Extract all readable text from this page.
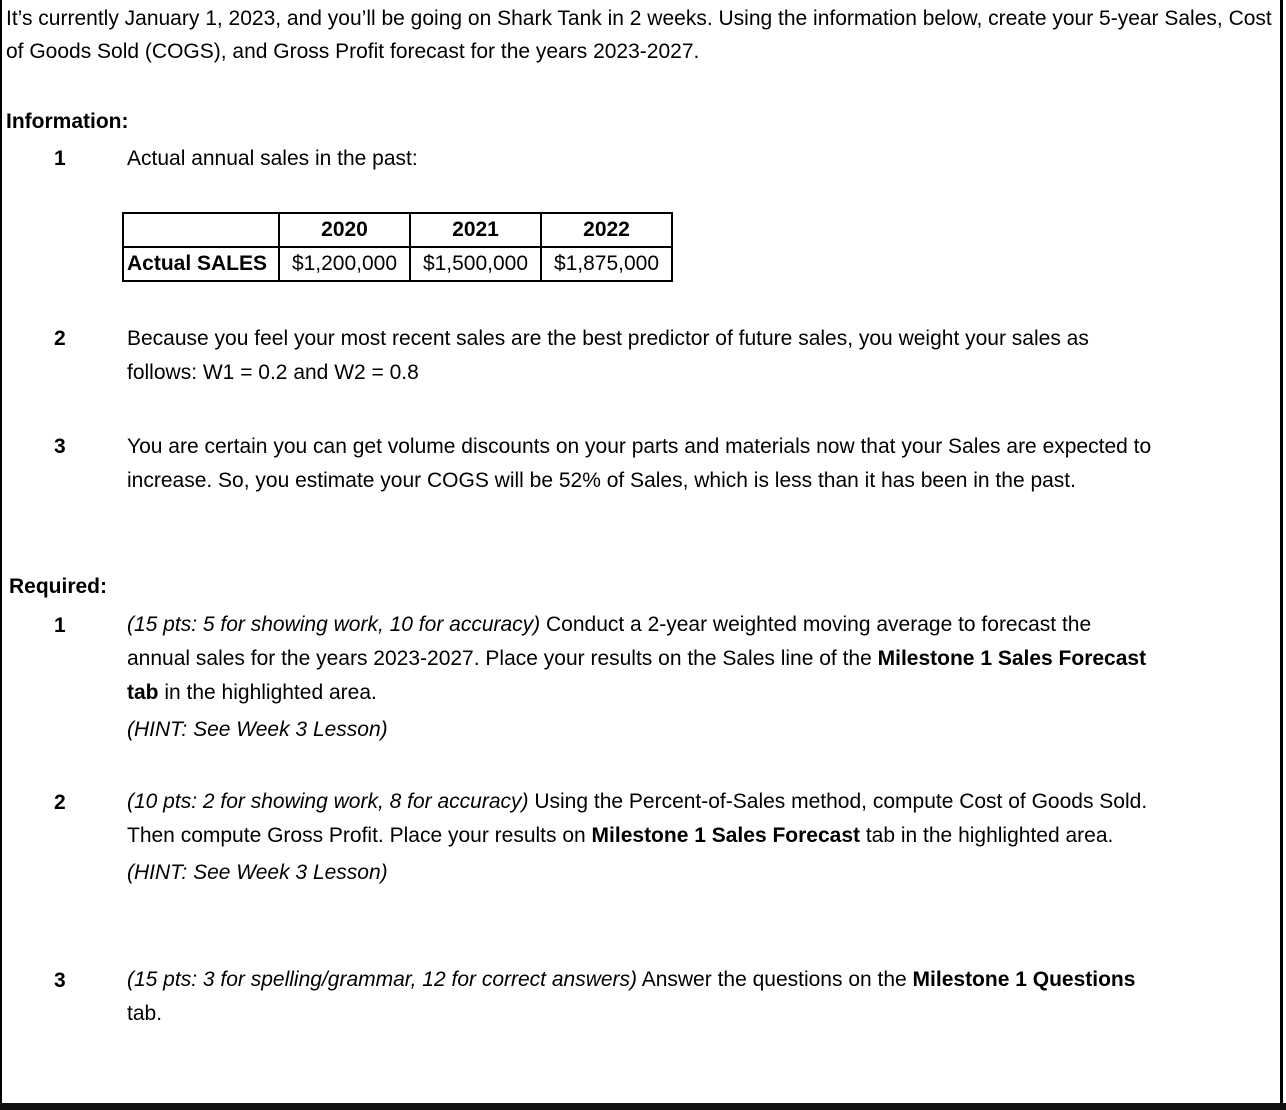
It’s currently January 1, 2023, and you’ll be going on Shark Tank in 2 weeks. Using the information below, create your 5-year Sales, Cost of Goods Sold (COGS), and Gross Profit forecast for the years 2023-2027.
Information:
1	Actual annual sales in the past:
	2020	2021	2022
Actual SALES	$1,200,000	$1,500,000	$1,875,000
2	Because you feel your most recent sales are the best predictor of future sales, you weight your sales as follows: W1 = 0.2 and W2 = 0.8
3	You are certain you can get volume discounts on your parts and materials now that your Sales are expected to increase. So, you estimate your COGS will be 52% of Sales, which is less than it has been in the past.
Required:
1	(15 pts: 5 for showing work, 10 for accuracy) Conduct a 2-year weighted moving average to forecast the annual sales for the years 2023-2027. Place your results on the Sales line of the Milestone 1 Sales Forecast tab in the highlighted area.
(HINT: See Week 3 Lesson)
2	(10 pts: 2 for showing work, 8 for accuracy) Using the Percent-of-Sales method, compute Cost of Goods Sold. Then compute Gross Profit. Place your results on Milestone 1 Sales Forecast tab in the highlighted area.
(HINT: See Week 3 Lesson)
3	(15 pts: 3 for spelling/grammar, 12 for correct answers) Answer the questions on the Milestone 1 Questions tab.
